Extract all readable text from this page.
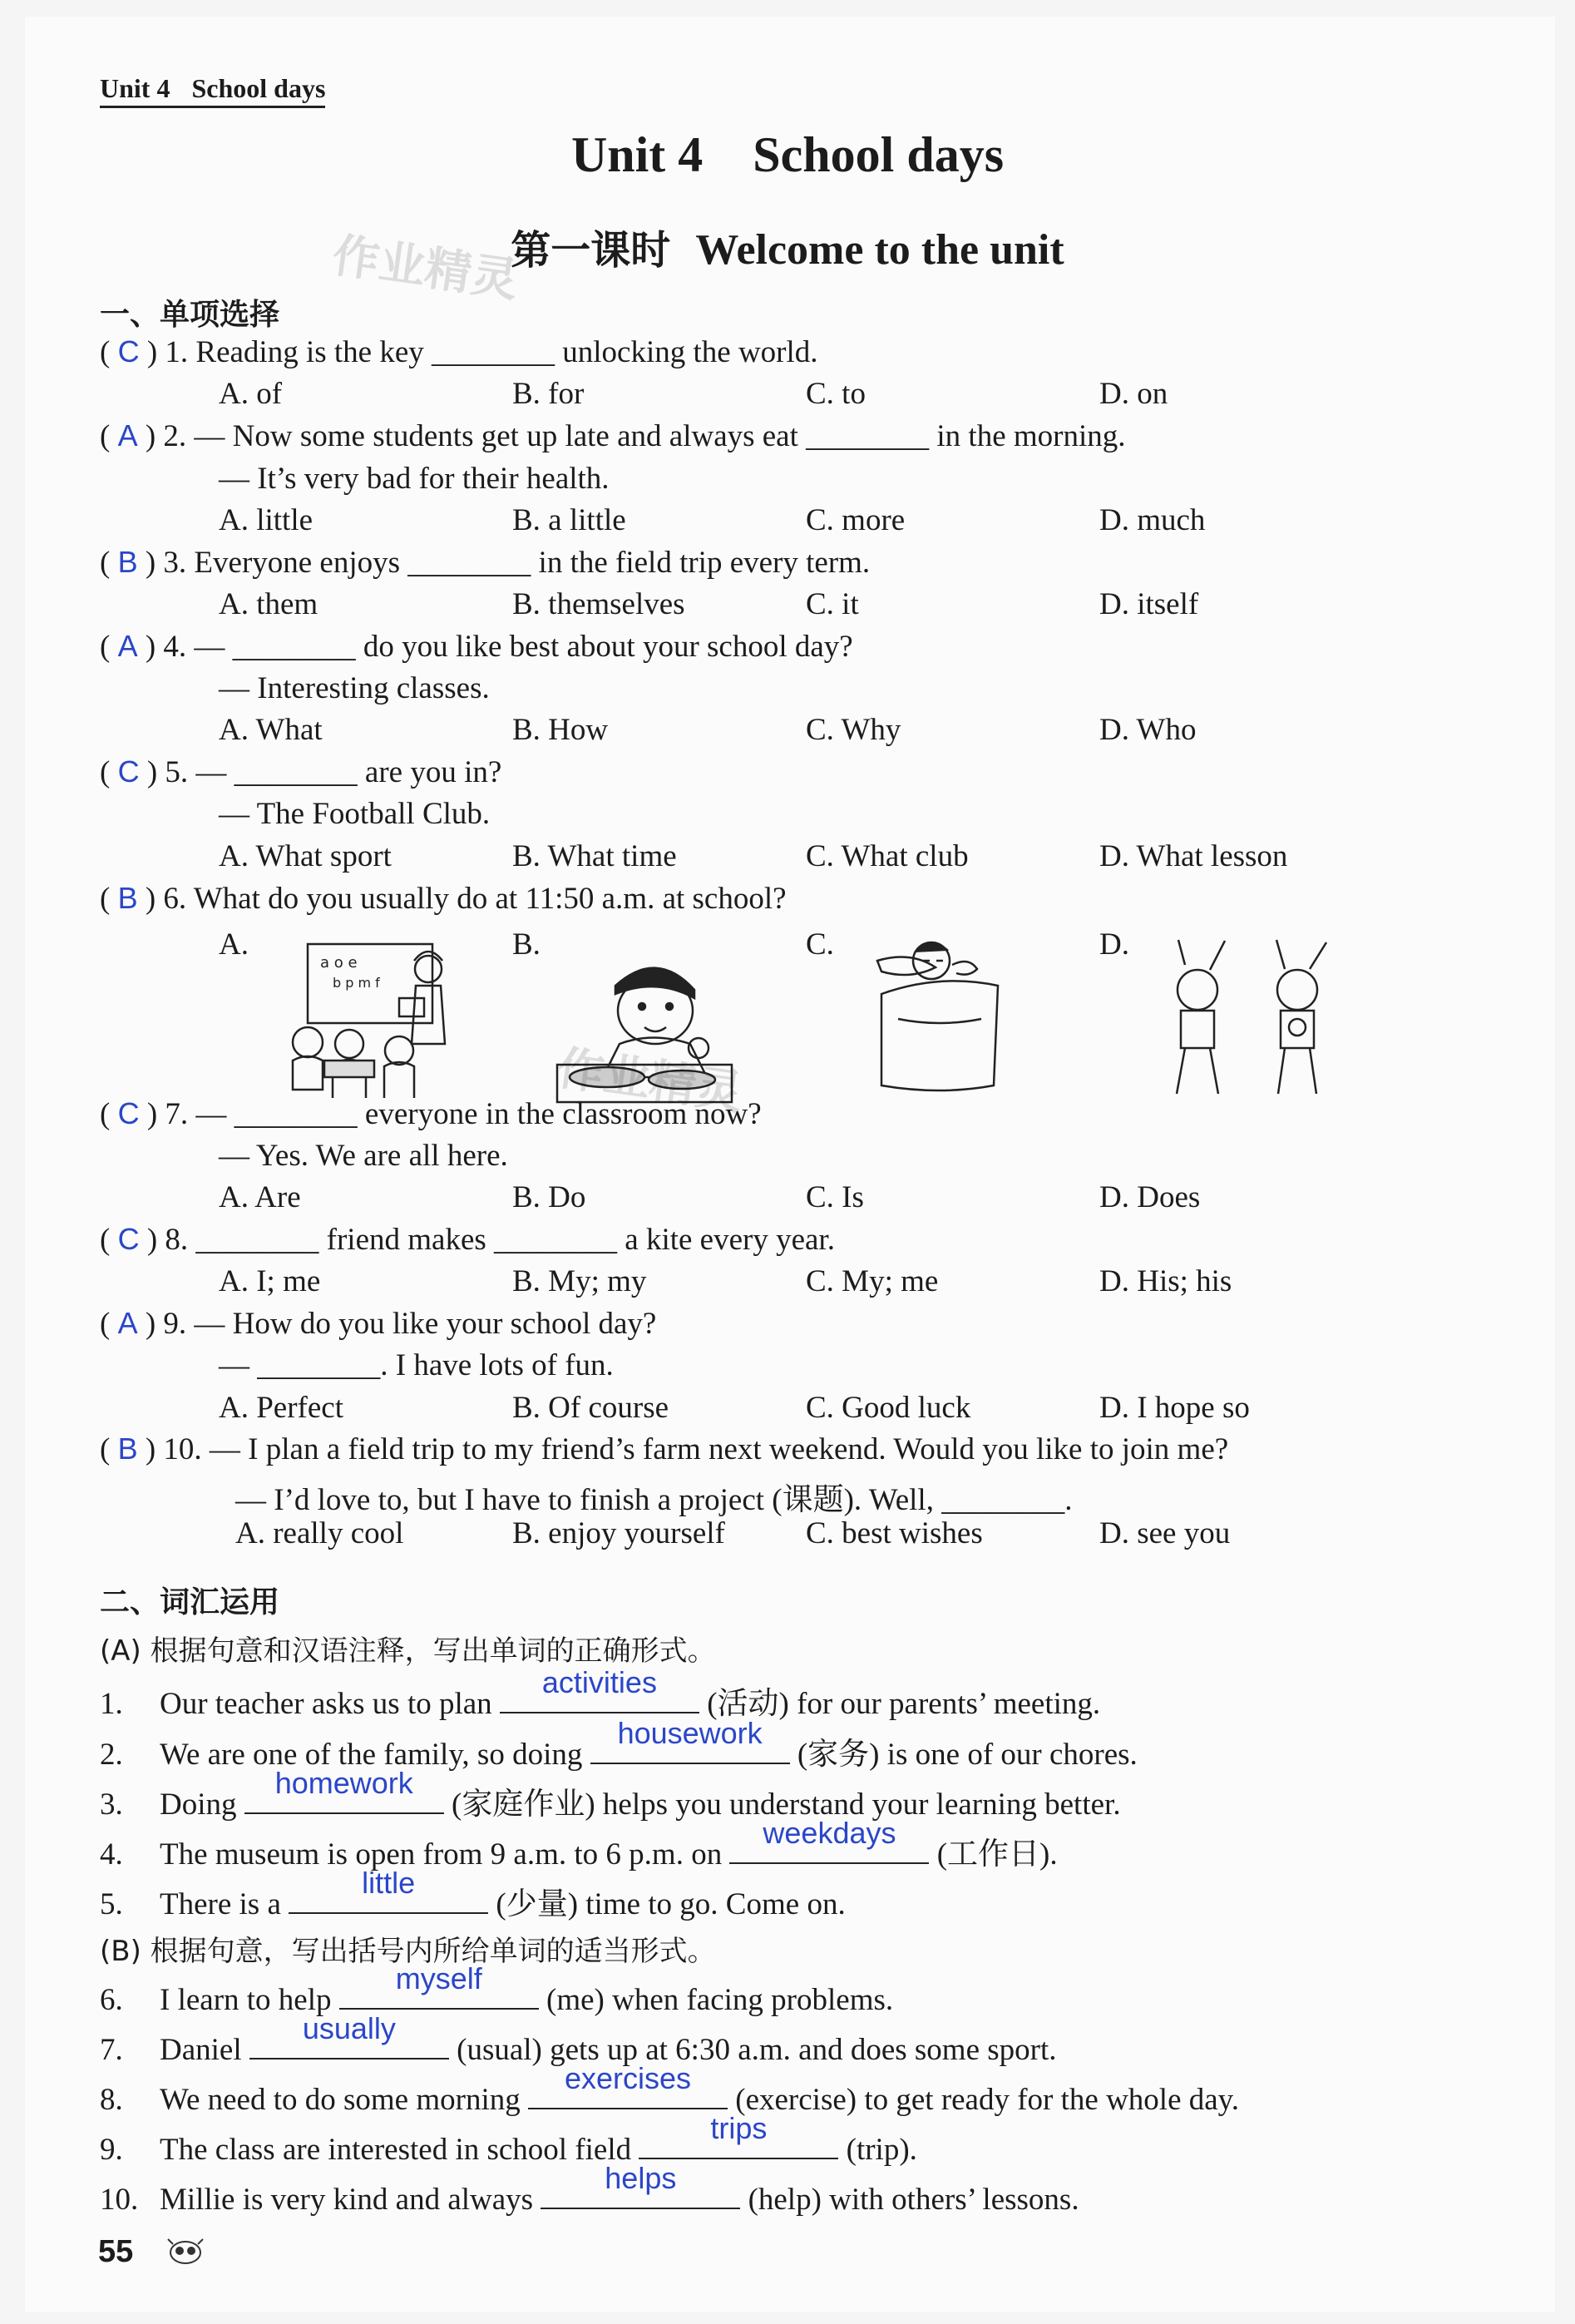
Unit 4 School days
Unit 4 School days
作业精灵
第一课时 Welcome to the unit
一、单项选择
( C ) 1. Reading is the key ________ unlocking the world.
A. of	B. for	C. to	D. on
( A ) 2. — Now some students get up late and always eat ________ in the morning.
— It’s very bad for their health.
A. little	B. a little	C. more	D. much
( B ) 3. Everyone enjoys ________ in the field trip every term.
A. them	B. themselves	C. it	D. itself
( A ) 4. — ________ do you like best about your school day?
— Interesting classes.
A. What	B. How	C. Why	D. Who
( C ) 5. — ________ are you in?
— The Football Club.
A. What sport	B. What time	C. What club	D. What lesson
( B ) 6. What do you usually do at 11:50 a.m. at school?
A.	B.	C.	D.
a o e
b p m f
作业精灵
( C ) 7. — ________ everyone in the classroom now?
— Yes. We are all here.
A. Are	B. Do	C. Is	D. Does
( C ) 8. ________ friend makes ________ a kite every year.
A. I; me	B. My; my	C. My; me	D. His; his
( A ) 9. — How do you like your school day?
— ________. I have lots of fun.
A. Perfect	B. Of course	C. Good luck	D. I hope so
( B ) 10. — I plan a field trip to my friend’s farm next weekend. Would you like to join me?
— I’d love to, but I have to finish a project (课题). Well, ________.
A. really cool	B. enjoy yourself	C. best wishes	D. see you
二、词汇运用
(A) 根据句意和汉语注释，写出单词的正确形式。
1. Our teacher asks us to plan
activities
(活动) for our parents’ meeting.
2. We are one of the family, so doing
housework
(家务) is one of our chores.
3. Doing
homework
(家庭作业) helps you understand your learning better.
4. The museum is open from 9 a.m. to 6 p.m. on
weekdays
(工作日).
5. There is a
little
(少量) time to go. Come on.
(B) 根据句意，写出括号内所给单词的适当形式。
6. I learn to help
myself
(me) when facing problems.
7. Daniel
usually
(usual) gets up at 6:30 a.m. and does some sport.
8. We need to do some morning
exercises
(exercise) to get ready for the whole day.
9. The class are interested in school field
trips
(trip).
10. Millie is very kind and always
helps
(help) with others’ lessons.
55
